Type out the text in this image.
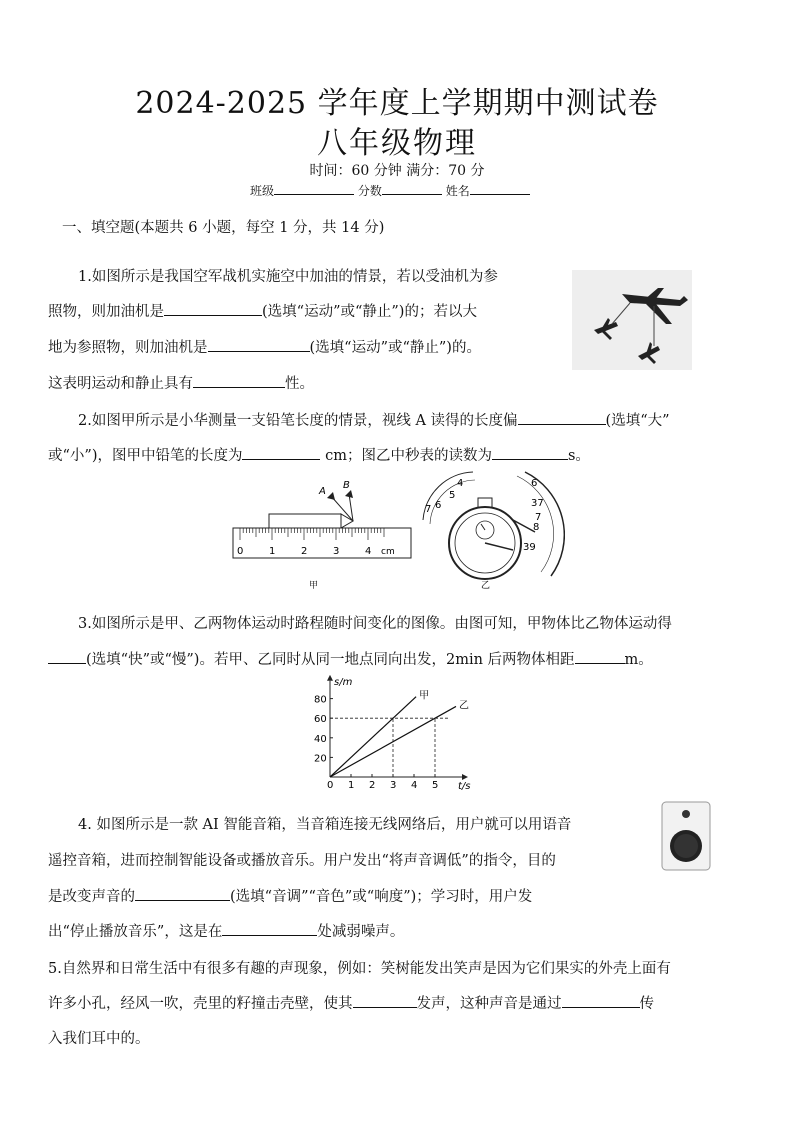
2024-2025 学年度上学期期中测试卷
八年级物理
时间：60 分钟 满分：70 分
班级	分数	姓名
一、填空题(本题共 6 小题，每空 1 分，共 14 分)
1.如图所示是我国空军战机实施空中加油的情景，若以受油机为参
照物，则加油机是	(选填“运动”或“静止”)的；若以大
地为参照物，则加油机是	(选填“运动”或“静止”)的。
这表明运动和静止具有	性。
2.如图甲所示是小华测量一支铅笔长度的情景，视线 A 读得的长度偏	(选填“大”
或“小”)，图甲中铅笔的长度为	cm；图乙中秒表的读数为	s。
A
B
0	1	2	3	4 cm
甲
4
5
6
7
6
37
7
8
39
乙
3.如图所示是甲、乙两物体运动时路程随时间变化的图像。由图可知，甲物体比乙物体运动得
(选填“快”或“慢”)。若甲、乙同时从同一地点同向出发，2min 后两物体相距	m。
0 1 2 3 4 5
20
40
60
80	甲
乙
s/m
t/s
4. 如图所示是一款 AI 智能音箱，当音箱连接无线网络后，用户就可以用语音
遥控音箱，进而控制智能设备或播放音乐。用户发出“将声音调低”的指令，目的
是改变声音的	(选填“音调”“音色”或“响度”)；学习时，用户发
出“停止播放音乐”，这是在	处减弱噪声。
5.自然界和日常生活中有很多有趣的声现象，例如：笑树能发出笑声是因为它们果实的外壳上面有
许多小孔，经风一吹，壳里的籽撞击壳壁，使其	发声，这种声音是通过	传
入我们耳中的。
